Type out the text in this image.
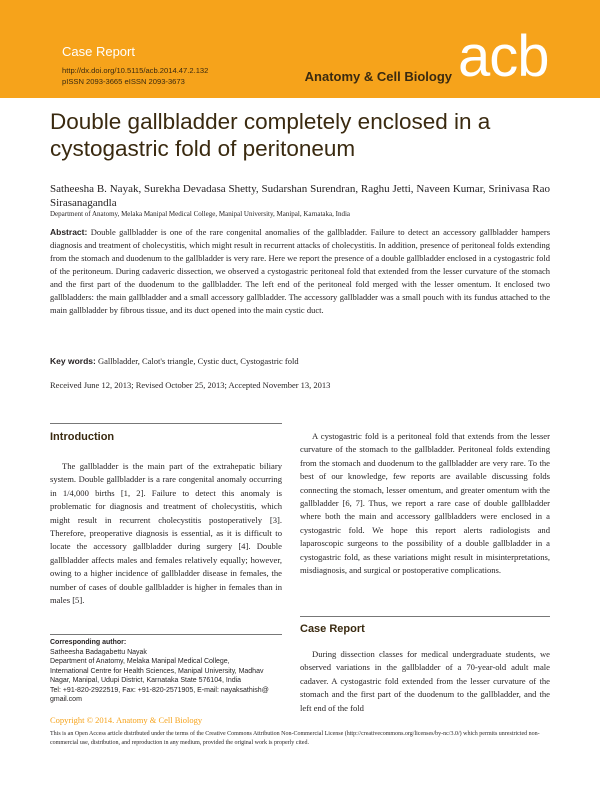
Case Report
http://dx.doi.org/10.5115/acb.2014.47.2.132
pISSN 2093-3665 eISSN 2093-3673	Anatomy & Cell Biology acb
Double gallbladder completely enclosed in a cystogastric fold of peritoneum

Satheesha B. Nayak, Surekha Devadasa Shetty, Sudarshan Surendran, Raghu Jetti, Naveen Kumar, Srinivasa Rao Sirasanagandla

Department of Anatomy, Melaka Manipal Medical College, Manipal University, Manipal, Karnataka, India

Abstract: Double gallbladder is one of the rare congenital anomalies of the gallbladder. Failure to detect an accessory gallbladder hampers diagnosis and treatment of cholecystitis, which might result in recurrent attacks of cholecystitis. In addition, presence of peritoneal folds extending from the stomach and duodenum to the gallbladder is very rare. Here we report the presence of a double gallbladder enclosed in a cystogastric fold of the peritoneum. During cadaveric dissection, we observed a cystogastric peritoneal fold that extended from the lesser curvature of the stomach and the first part of the duodenum to the gallbladder. The left end of the peritoneal fold merged with the lesser omentum. It enclosed two gallbladders: the main gallbladder and a small accessory gallbladder. The accessory gallbladder was a small pouch with its fundus attached to the main gallbladder by fibrous tissue, and its duct opened into the main cystic duct.

Key words: Gallbladder, Calot's triangle, Cystic duct, Cystogastric fold

Received June 12, 2013; Revised October 25, 2013; Accepted November 13, 2013

Introduction

The gallbladder is the main part of the extrahepatic biliary system. Double gallbladder is a rare congenital anomaly occurring in 1/4,000 births [1, 2]. Failure to detect this anomaly is problematic for diagnosis and treatment of cholecystitis, which might result in recurrent cholecystitis postoperatively [3]. Therefore, preoperative diagnosis is essential, as it is difficult to locate the accessory gallbladder during surgery [4]. Double gallbladder affects males and females relatively equally; however, owing to a higher incidence of gallbladder disease in females, the number of cases of double gallbladder is higher in females than in males [5].

A cystogastric fold is a peritoneal fold that extends from the lesser curvature of the stomach to the gallbladder. Peritoneal folds extending from the stomach and duodenum to the gallbladder are very rare. To the best of our knowledge, few reports are available discussing folds connecting the stomach, lesser omentum, and greater omentum with the gallbladder [6, 7]. Thus, we report a rare case of double gallbladder where both the main and accessory gallbladders were enclosed in a cystogastric fold. We hope this report alerts radiologists and laparoscopic surgeons to the possibility of a double gallbladder in a cystogastric fold, as these variations might result in misinterpretations, misdiagnosis, and surgical or postoperative complications.

Case Report

During dissection classes for medical undergraduate students, we observed variations in the gallbladder of a 70-year-old adult male cadaver. A cystogastric fold extended from the lesser curvature of the stomach and the first part of the duodenum to the gallbladder, and the left end of the fold

Corresponding author:
Satheesha Badagabettu Nayak
Department of Anatomy, Melaka Manipal Medical College,
International Centre for Health Sciences, Manipal University, Madhav
Nagar, Manipal, Udupi District, Karnataka State 576104, India
Tel: +91-820-2922519, Fax: +91-820-2571905, E-mail: nayaksathish@
gmail.com

Copyright © 2014. Anatomy & Cell Biology

This is an Open Access article distributed under the terms of the Creative Commons Attribution Non-Commercial License (http://creativecommons.org/licenses/by-nc/3.0/) which permits unrestricted non-commercial use, distribution, and reproduction in any medium, provided the original work is properly cited.
